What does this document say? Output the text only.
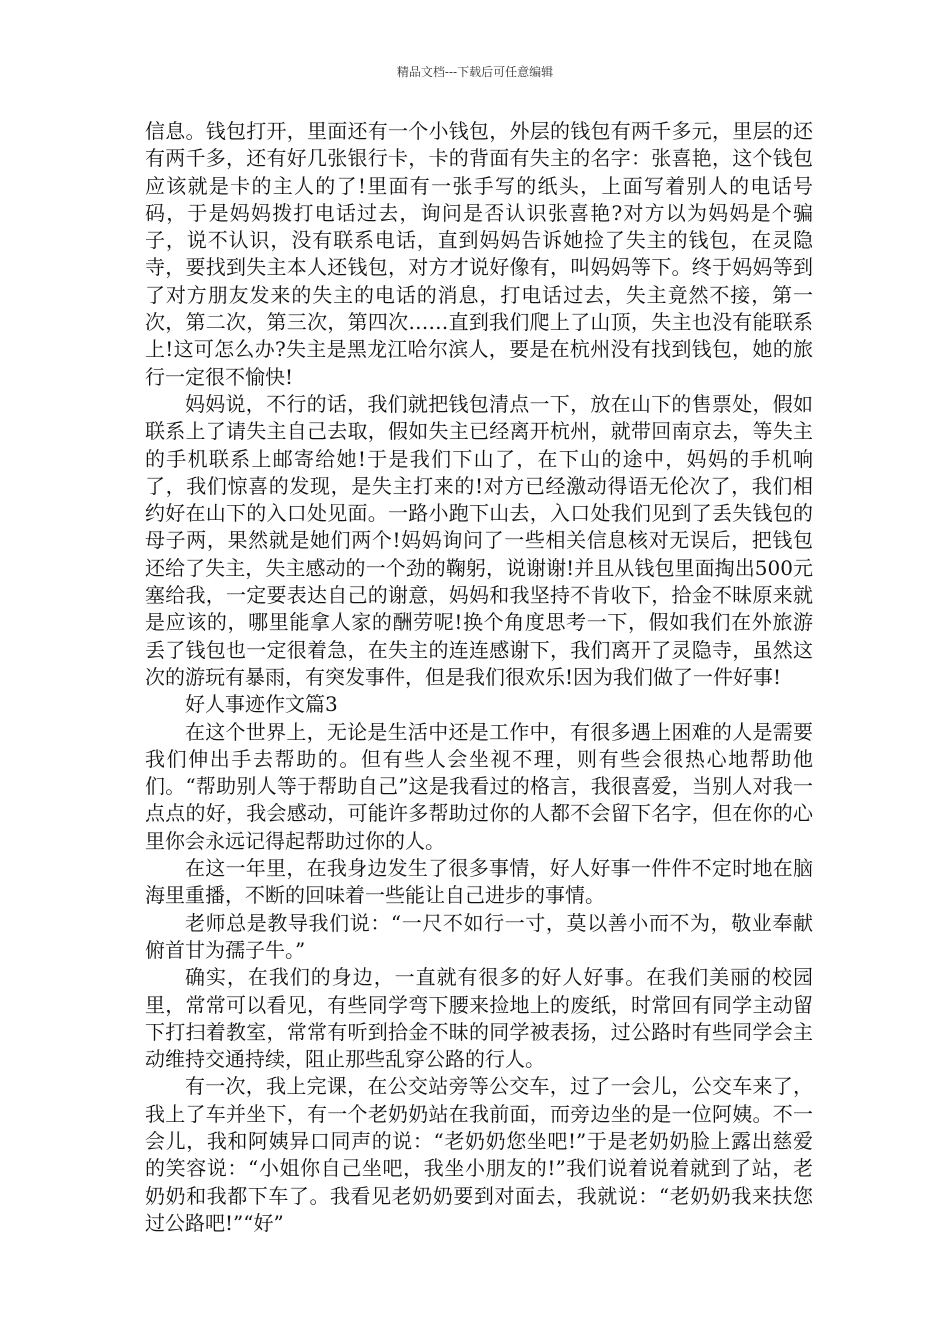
精品文档---下载后可任意编辑

信息。钱包打开，里面还有一个小钱包，外层的钱包有两千多元，里层的还有两千多，还有好几张银行卡，卡的背面有失主的名字：张喜艳，这个钱包应该就是卡的主人的了!里面有一张手写的纸头，上面写着别人的电话号码，于是妈妈拨打电话过去，询问是否认识张喜艳?对方以为妈妈是个骗子，说不认识，没有联系电话，直到妈妈告诉她捡了失主的钱包，在灵隐寺，要找到失主本人还钱包，对方才说好像有，叫妈妈等下。终于妈妈等到了对方朋友发来的失主的电话的消息，打电话过去，失主竟然不接，第一次，第二次，第三次，第四次……直到我们爬上了山顶，失主也没有能联系上!这可怎么办?失主是黑龙江哈尔滨人，要是在杭州没有找到钱包，她的旅行一定很不愉快!

妈妈说，不行的话，我们就把钱包清点一下，放在山下的售票处，假如联系上了请失主自己去取，假如失主已经离开杭州，就带回南京去，等失主的手机联系上邮寄给她!于是我们下山了，在下山的途中，妈妈的手机响了，我们惊喜的发现，是失主打来的!对方已经激动得语无伦次了，我们相约好在山下的入口处见面。一路小跑下山去，入口处我们见到了丢失钱包的母子两，果然就是她们两个!妈妈询问了一些相关信息核对无误后，把钱包还给了失主，失主感动的一个劲的鞠躬，说谢谢!并且从钱包里面掏出500元塞给我，一定要表达自己的谢意，妈妈和我坚持不肯收下，拾金不昧原来就是应该的，哪里能拿人家的酬劳呢!换个角度思考一下，假如我们在外旅游丢了钱包也一定很着急，在失主的连连感谢下，我们离开了灵隐寺，虽然这次的游玩有暴雨，有突发事件，但是我们很欢乐!因为我们做了一件好事!

好人事迹作文篇3

在这个世界上，无论是生活中还是工作中，有很多遇上困难的人是需要我们伸出手去帮助的。但有些人会坐视不理，则有些会很热心地帮助他们。“帮助别人等于帮助自己”这是我看过的格言，我很喜爱，当别人对我一点点的好，我会感动，可能许多帮助过你的人都不会留下名字，但在你的心里你会永远记得起帮助过你的人。

在这一年里，在我身边发生了很多事情，好人好事一件件不定时地在脑海里重播，不断的回味着一些能让自己进步的事情。

老师总是教导我们说：“一尺不如行一寸，莫以善小而不为，敬业奉献俯首甘为孺子牛。”

确实，在我们的身边，一直就有很多的好人好事。在我们美丽的校园里，常常可以看见，有些同学弯下腰来捡地上的废纸，时常回有同学主动留下打扫着教室，常常有听到拾金不昧的同学被表扬，过公路时有些同学会主动维持交通持续，阻止那些乱穿公路的行人。

有一次，我上完课，在公交站旁等公交车，过了一会儿，公交车来了，我上了车并坐下，有一个老奶奶站在我前面，而旁边坐的是一位阿姨。不一会儿，我和阿姨异口同声的说：“老奶奶您坐吧!”于是老奶奶脸上露出慈爱的笑容说：“小姐你自己坐吧，我坐小朋友的!”我们说着说着就到了站，老奶奶和我都下车了。我看见老奶奶要到对面去，我就说：“老奶奶我来扶您过公路吧!”“好”
